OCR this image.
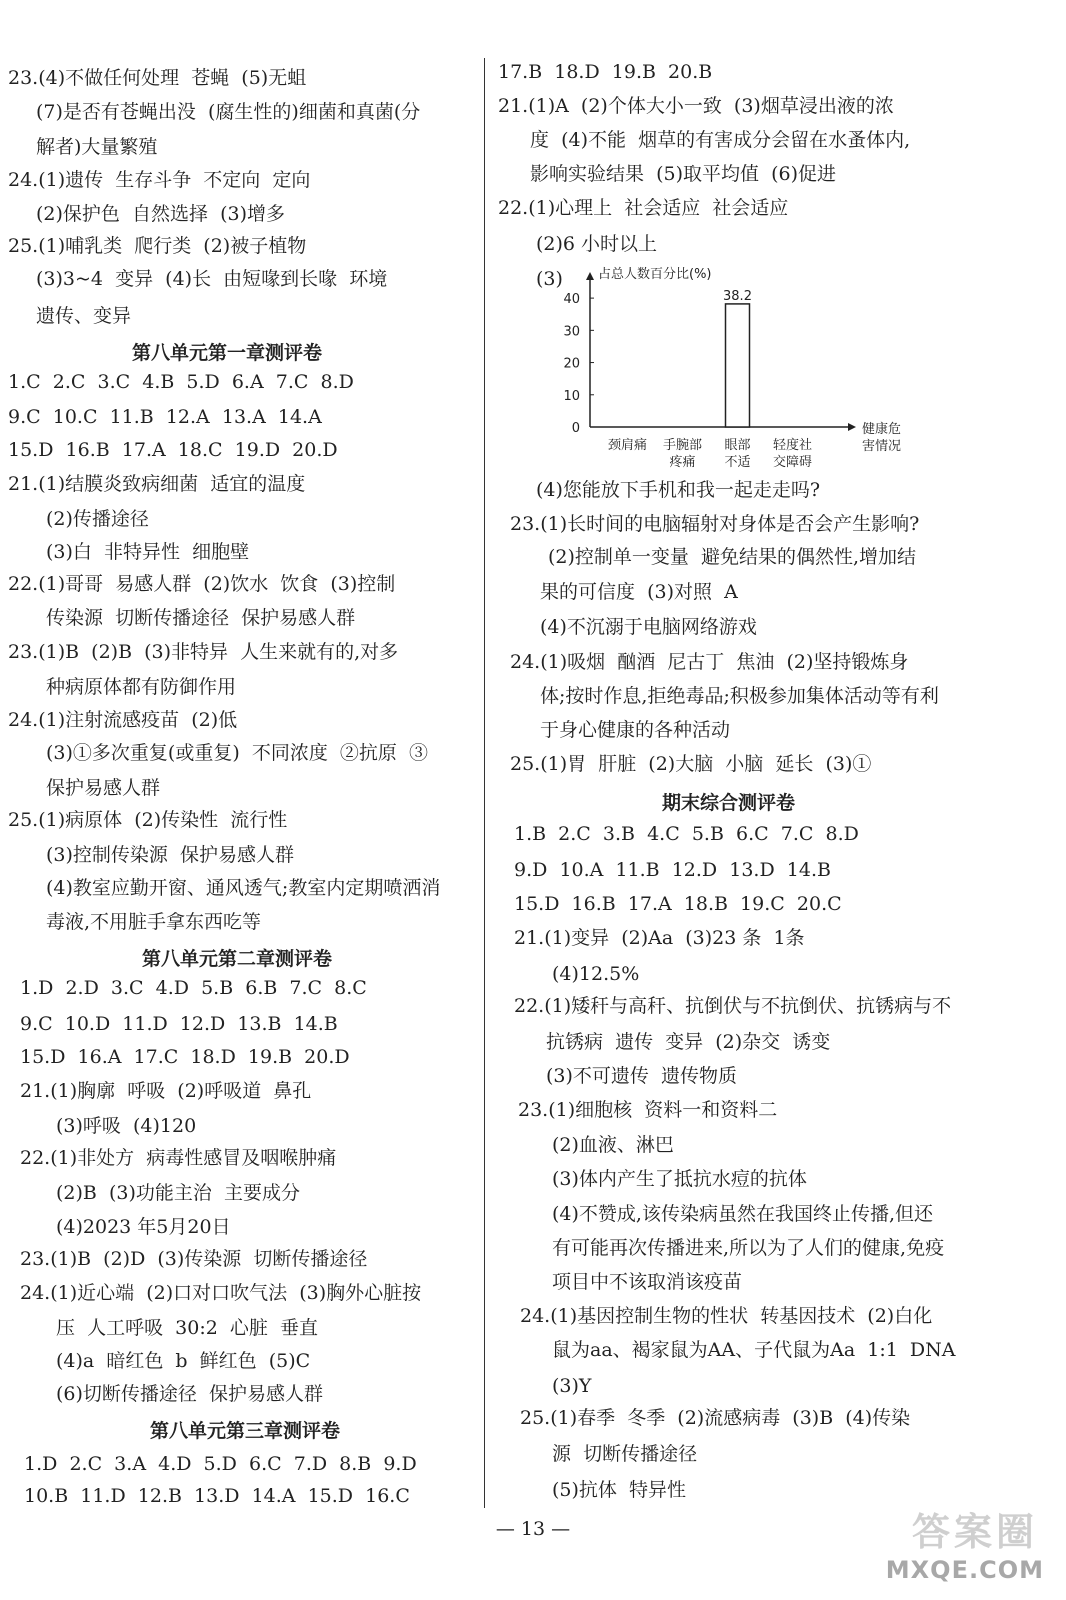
23.(4)不做任何处理  苍蝇  (5)无蛆
(7)是否有苍蝇出没  (腐生性的)细菌和真菌(分
解者)大量繁殖
24.(1)遗传  生存斗争  不定向  定向
(2)保护色  自然选择  (3)增多
25.(1)哺乳类  爬行类  (2)被子植物
(3)3~4  变异  (4)长  由短喙到长喙  环境
遗传、变异
第八单元第一章测评卷
1.C  2.C  3.C  4.B  5.D  6.A  7.C  8.D
9.C  10.C  11.B  12.A  13.A  14.A
15.D  16.B  17.A  18.C  19.D  20.D
21.(1)结膜炎致病细菌  适宜的温度
(2)传播途径
(3)白  非特异性  细胞壁
22.(1)哥哥  易感人群  (2)饮水  饮食  (3)控制
传染源  切断传播途径  保护易感人群
23.(1)B  (2)B  (3)非特异  人生来就有的,对多
种病原体都有防御作用
24.(1)注射流感疫苗  (2)低
(3)①多次重复(或重复)  不同浓度  ②抗原  ③
保护易感人群
25.(1)病原体  (2)传染性  流行性
(3)控制传染源  保护易感人群
(4)教室应勤开窗、通风透气;教室内定期喷洒消
毒液,不用脏手拿东西吃等
第八单元第二章测评卷
1.D  2.D  3.C  4.D  5.B  6.B  7.C  8.C
9.C  10.D  11.D  12.D  13.B  14.B
15.D  16.A  17.C  18.D  19.B  20.D
21.(1)胸廓  呼吸  (2)呼吸道  鼻孔
(3)呼吸  (4)120
22.(1)非处方  病毒性感冒及咽喉肿痛
(2)B  (3)功能主治  主要成分
(4)2023 年5月20日
23.(1)B  (2)D  (3)传染源  切断传播途径
24.(1)近心端  (2)口对口吹气法  (3)胸外心脏按
压  人工呼吸  30:2  心脏  垂直
(4)a  暗红色  b  鲜红色  (5)C
(6)切断传播途径  保护易感人群
第八单元第三章测评卷
1.D  2.C  3.A  4.D  5.D  6.C  7.D  8.B  9.D
10.B  11.D  12.B  13.D  14.A  15.D  16.C
17.B  18.D  19.B  20.B
21.(1)A  (2)个体大小一致  (3)烟草浸出液的浓
度  (4)不能  烟草的有害成分会留在水蚤体内,
影响实验结果  (5)取平均值  (6)促进
22.(1)心理上  社会适应  社会适应
(2)6 小时以上
(3)	占总人数百分比(%)
0
10
20
30
40
颈肩痛 手腕部
疼痛
眼部
不适
38.2
轻度社
交障碍
健康危
害情况
(4)您能放下手机和我一起走走吗?
23.(1)长时间的电脑辐射对身体是否会产生影响?
(2)控制单一变量  避免结果的偶然性,增加结
果的可信度  (3)对照  A
(4)不沉溺于电脑网络游戏
24.(1)吸烟  酗酒  尼古丁  焦油  (2)坚持锻炼身
体;按时作息,拒绝毒品;积极参加集体活动等有利
于身心健康的各种活动
25.(1)胃  肝脏  (2)大脑  小脑  延长  (3)①
期末综合测评卷
1.B  2.C  3.B  4.C  5.B  6.C  7.C  8.D
9.D  10.A  11.B  12.D  13.D  14.B
15.D  16.B  17.A  18.B  19.C  20.C
21.(1)变异  (2)Aa  (3)23 条  1条
(4)12.5%
22.(1)矮秆与高秆、抗倒伏与不抗倒伏、抗锈病与不
抗锈病  遗传  变异  (2)杂交  诱变
(3)不可遗传  遗传物质
23.(1)细胞核  资料一和资料二
(2)血液、淋巴
(3)体内产生了抵抗水痘的抗体
(4)不赞成,该传染病虽然在我国终止传播,但还
有可能再次传播进来,所以为了人们的健康,免疫
项目中不该取消该疫苗
24.(1)基因控制生物的性状  转基因技术  (2)白化
鼠为aa、褐家鼠为AA、子代鼠为Aa  1:1  DNA
(3)Y
25.(1)春季  冬季  (2)流感病毒  (3)B  (4)传染
源  切断传播途径
(5)抗体  特异性
— 13 —	答案圈
MXQE.COM
